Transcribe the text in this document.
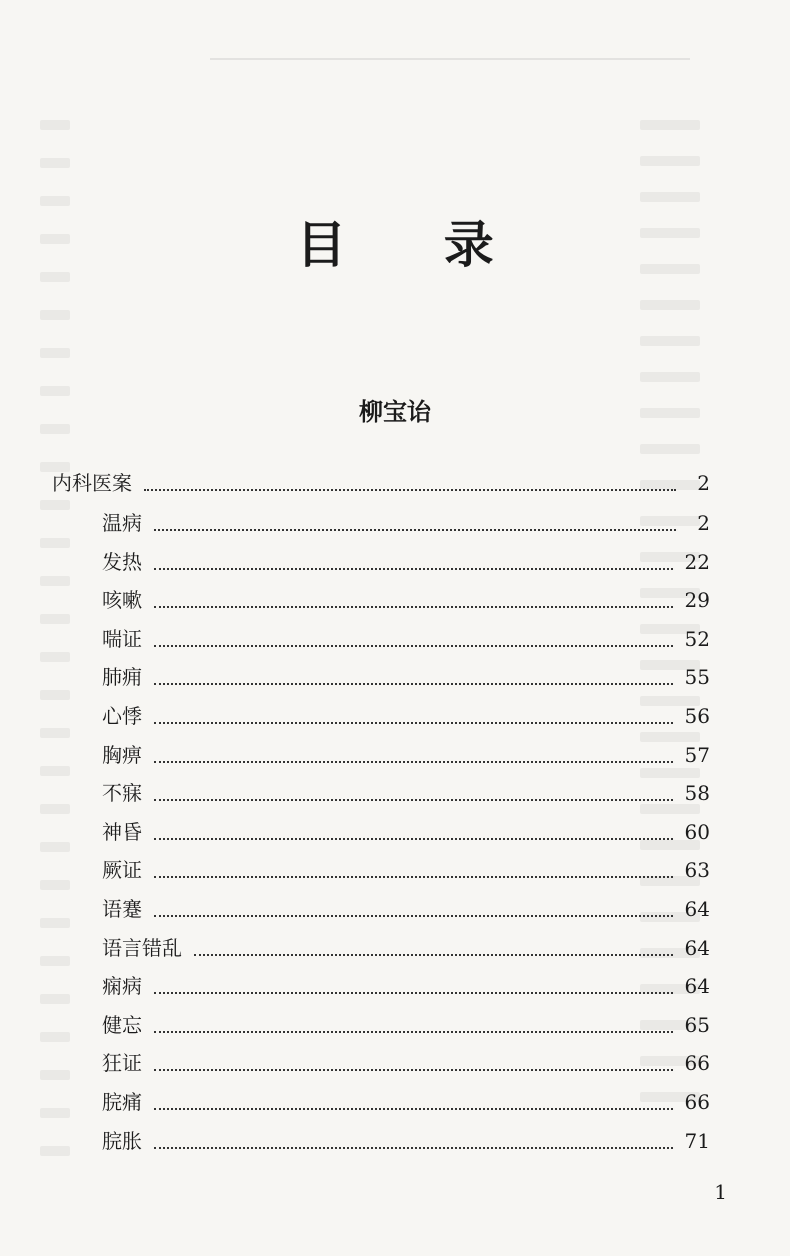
目 录
柳宝诒
内科医案	2
温病	2
发热	22
咳嗽	29
喘证	52
肺痈	55
心悸	56
胸痹	57
不寐	58
神昏	60
厥证	63
语蹇	64
语言错乱	64
痫病	64
健忘	65
狂证	66
脘痛	66
脘胀	71
1
